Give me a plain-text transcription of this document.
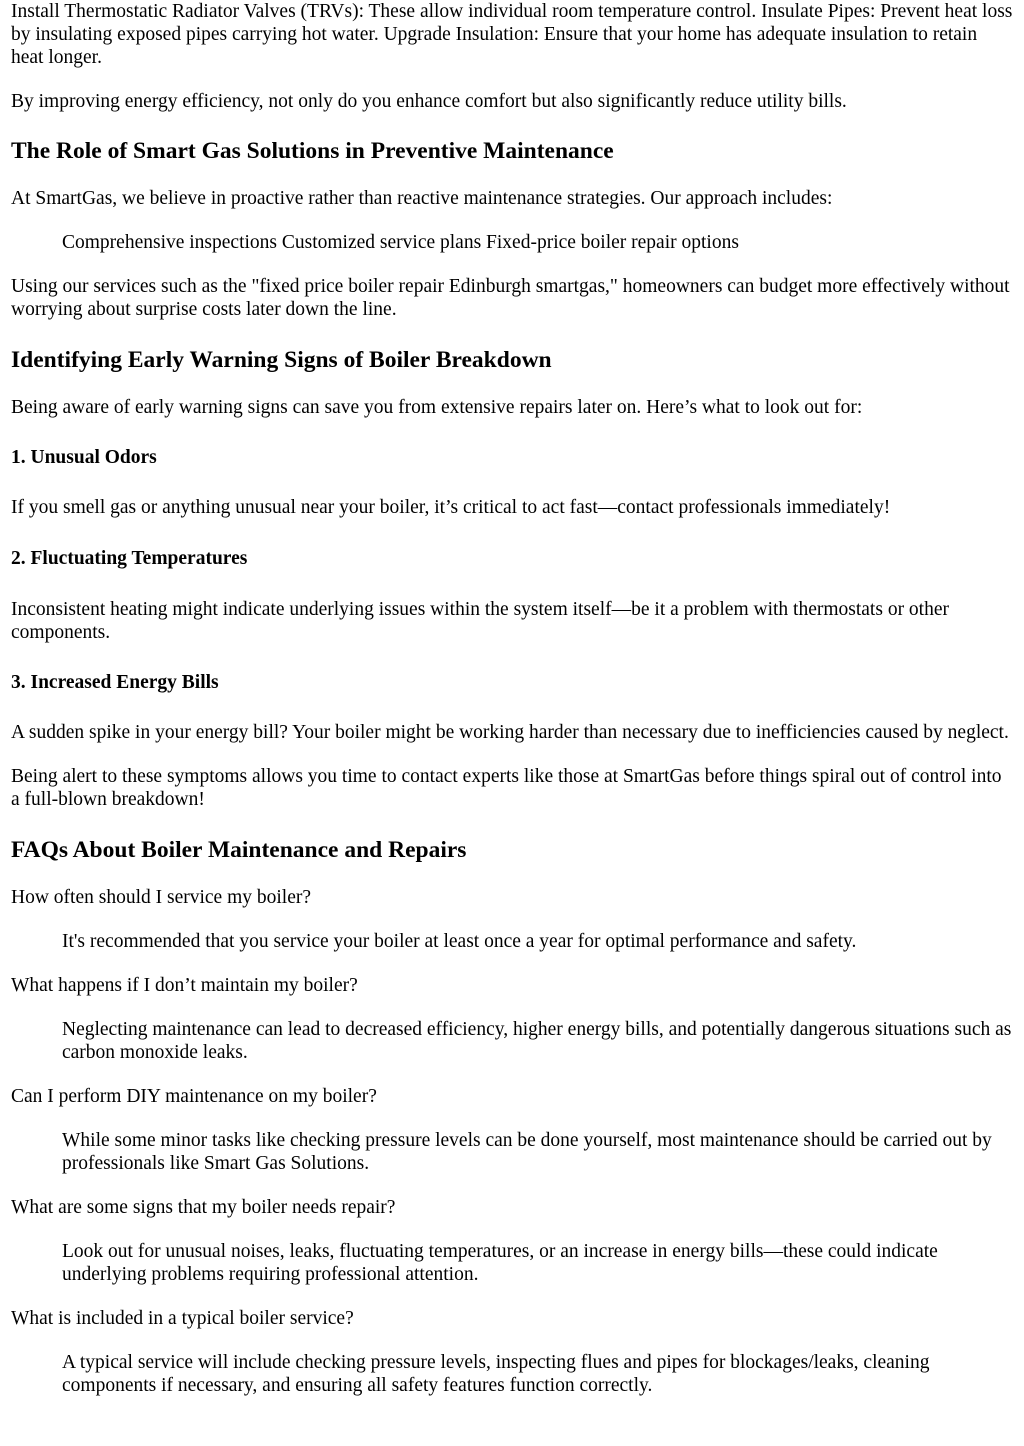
Install Thermostatic Radiator Valves (TRVs): These allow individual room temperature control. Insulate Pipes: Prevent heat loss by insulating exposed pipes carrying hot water. Upgrade Insulation: Ensure that your home has adequate insulation to retain heat longer.

By improving energy efficiency, not only do you enhance comfort but also significantly reduce utility bills.

The Role of Smart Gas Solutions in Preventive Maintenance

At SmartGas, we believe in proactive rather than reactive maintenance strategies. Our approach includes:

Comprehensive inspections Customized service plans Fixed-price boiler repair options

Using our services such as the "fixed price boiler repair Edinburgh smartgas," homeowners can budget more effectively without worrying about surprise costs later down the line.

Identifying Early Warning Signs of Boiler Breakdown

Being aware of early warning signs can save you from extensive repairs later on. Here’s what to look out for:

1. Unusual Odors

If you smell gas or anything unusual near your boiler, it’s critical to act fast—contact professionals immediately!

2. Fluctuating Temperatures

Inconsistent heating might indicate underlying issues within the system itself—be it a problem with thermostats or other components.

3. Increased Energy Bills

A sudden spike in your energy bill? Your boiler might be working harder than necessary due to inefficiencies caused by neglect.

Being alert to these symptoms allows you time to contact experts like those at SmartGas before things spiral out of control into a full-blown breakdown!

FAQs About Boiler Maintenance and Repairs

How often should I service my boiler?

It's recommended that you service your boiler at least once a year for optimal performance and safety.

What happens if I don’t maintain my boiler?

Neglecting maintenance can lead to decreased efficiency, higher energy bills, and potentially dangerous situations such as carbon monoxide leaks.

Can I perform DIY maintenance on my boiler?

While some minor tasks like checking pressure levels can be done yourself, most maintenance should be carried out by professionals like Smart Gas Solutions.

What are some signs that my boiler needs repair?

Look out for unusual noises, leaks, fluctuating temperatures, or an increase in energy bills—these could indicate underlying problems requiring professional attention.

What is included in a typical boiler service?

A typical service will include checking pressure levels, inspecting flues and pipes for blockages/leaks, cleaning components if necessary, and ensuring all safety features function correctly.
